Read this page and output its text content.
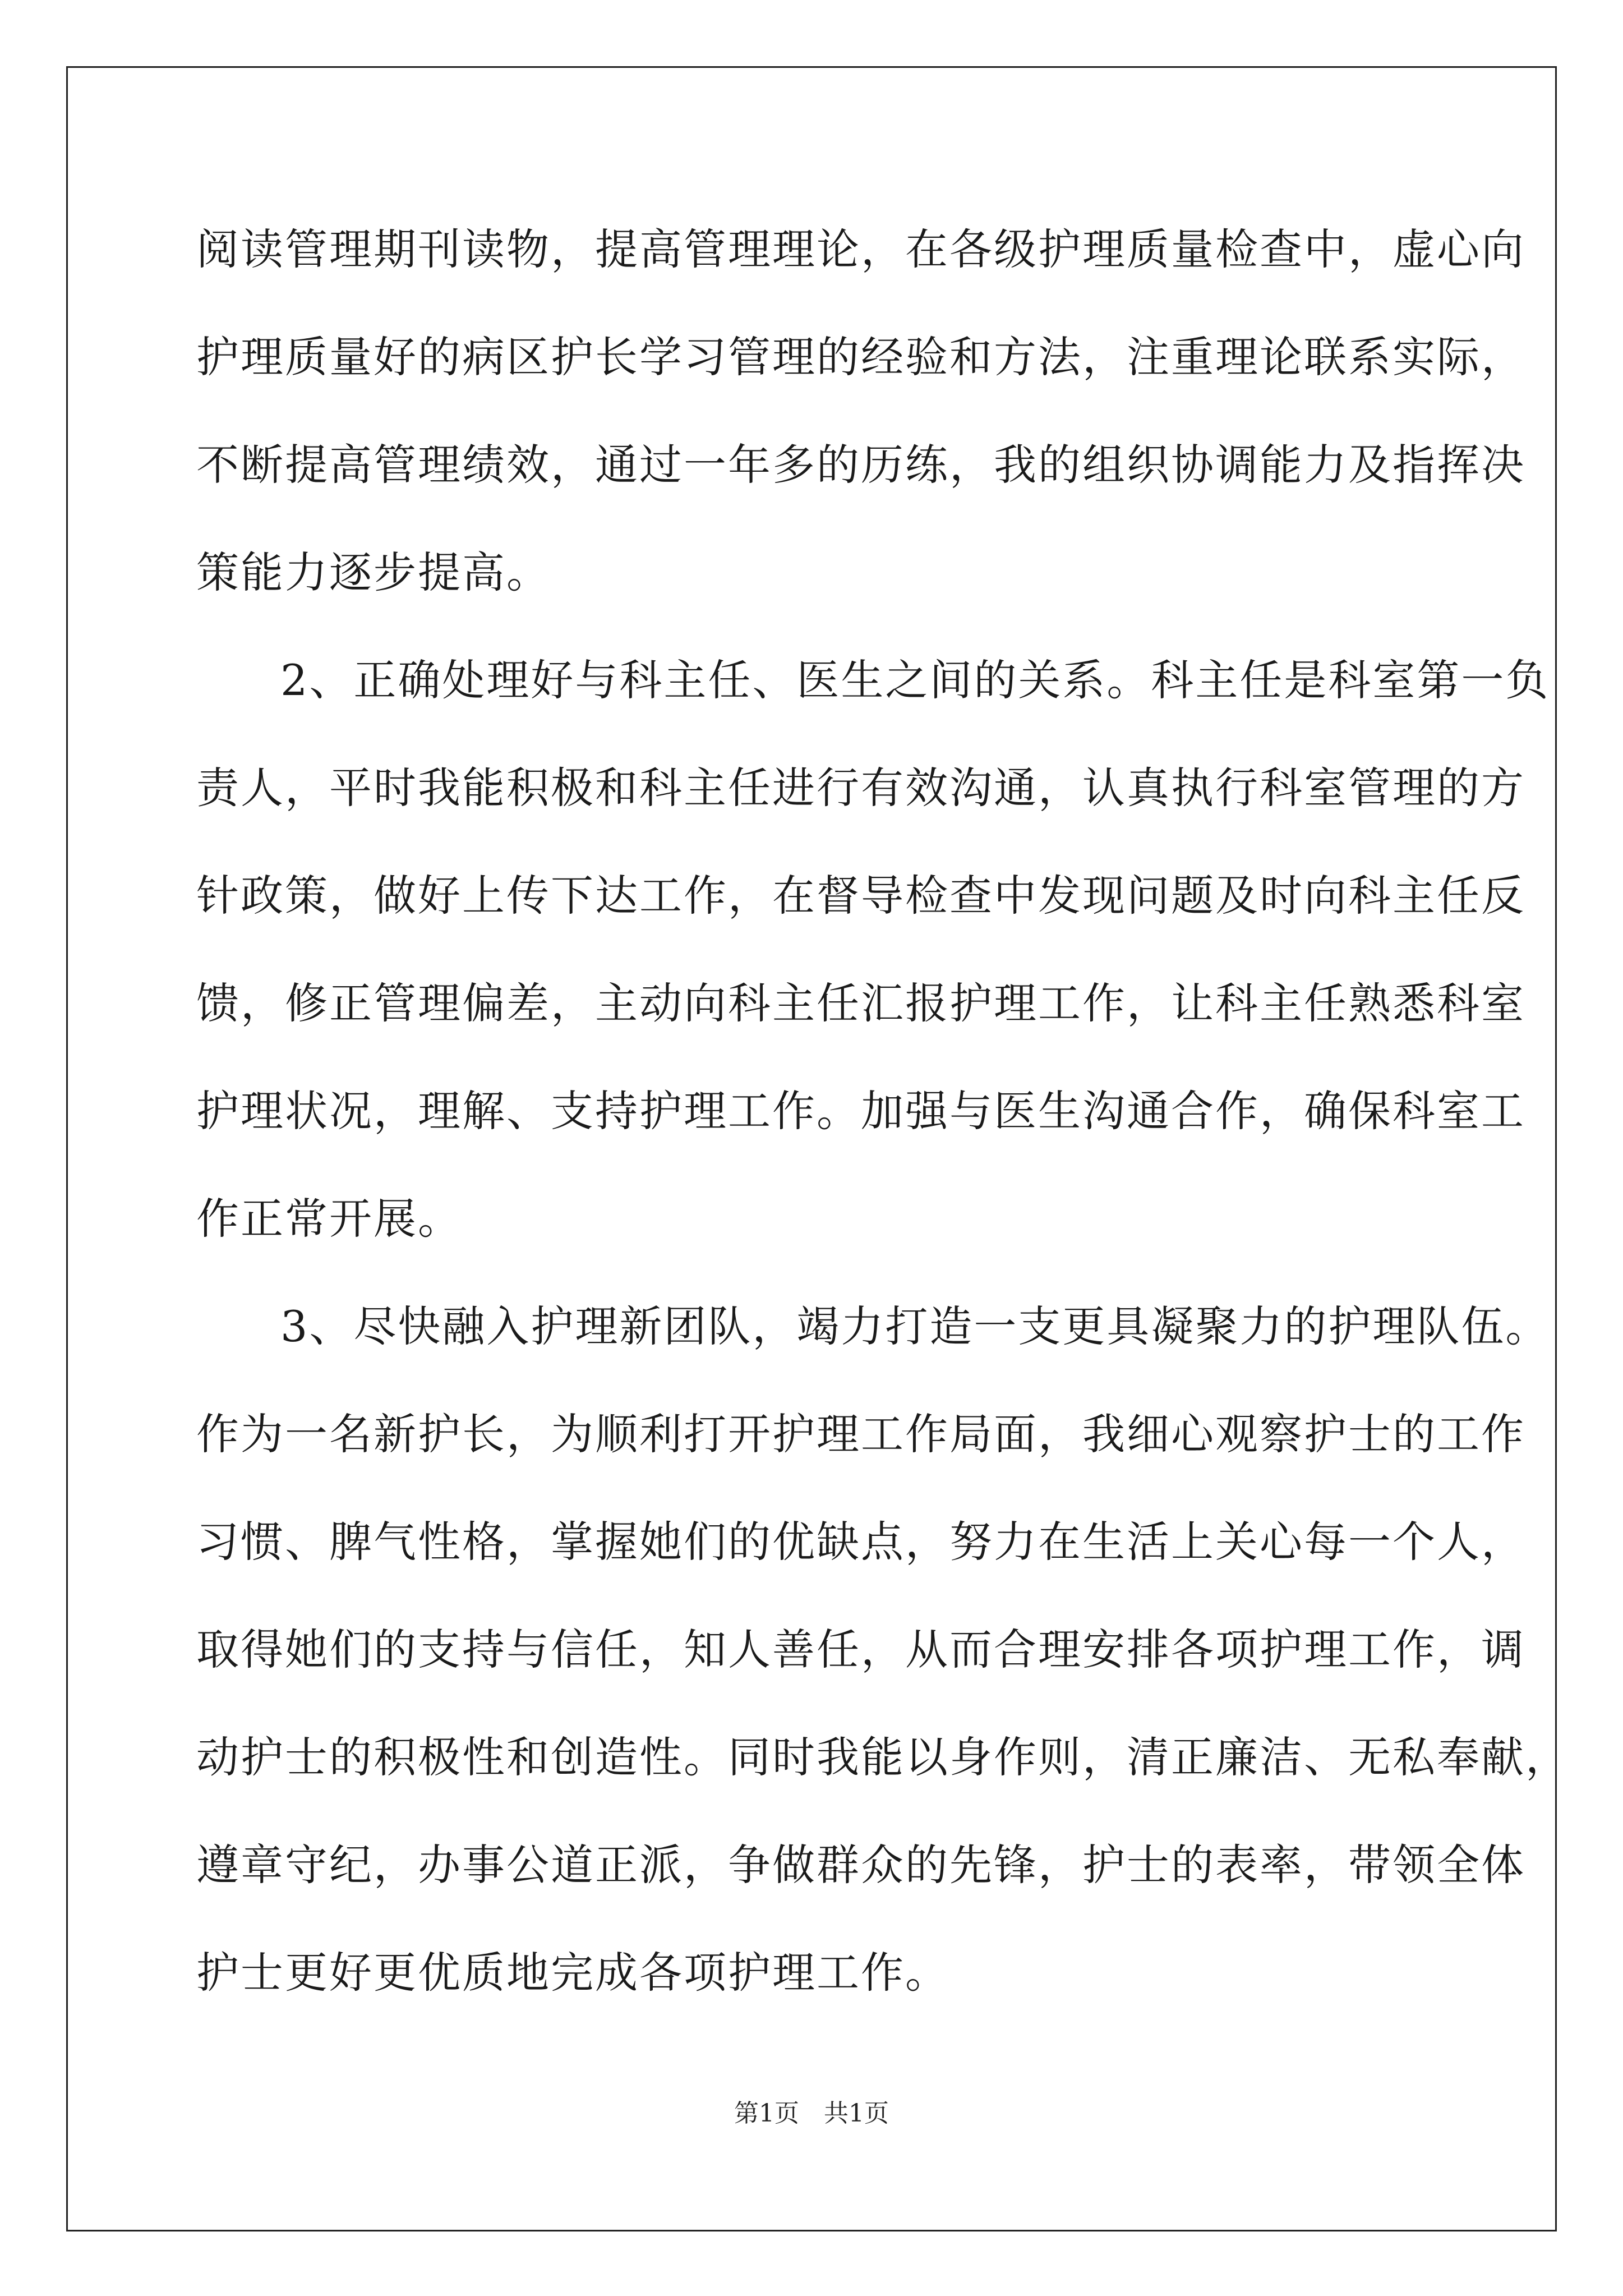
阅读管理期刊读物，提高管理理论，在各级护理质量检查中，虚心向
护理质量好的病区护长学习管理的经验和方法，注重理论联系实际，
不断提高管理绩效，通过一年多的历练，我的组织协调能力及指挥决
策能力逐步提高。
2、正确处理好与科主任、医生之间的关系。科主任是科室第一负
责人，平时我能积极和科主任进行有效沟通，认真执行科室管理的方
针政策，做好上传下达工作，在督导检查中发现问题及时向科主任反
馈，修正管理偏差，主动向科主任汇报护理工作，让科主任熟悉科室
护理状况，理解、支持护理工作。加强与医生沟通合作，确保科室工
作正常开展。
3、尽快融入护理新团队，竭力打造一支更具凝聚力的护理队伍。
作为一名新护长，为顺利打开护理工作局面，我细心观察护士的工作
习惯、脾气性格，掌握她们的优缺点，努力在生活上关心每一个人，
取得她们的支持与信任，知人善任，从而合理安排各项护理工作，调
动护士的积极性和创造性。同时我能以身作则，清正廉洁、无私奉献，
遵章守纪，办事公道正派，争做群众的先锋，护士的表率，带领全体
护士更好更优质地完成各项护理工作。
第1页　共1页
